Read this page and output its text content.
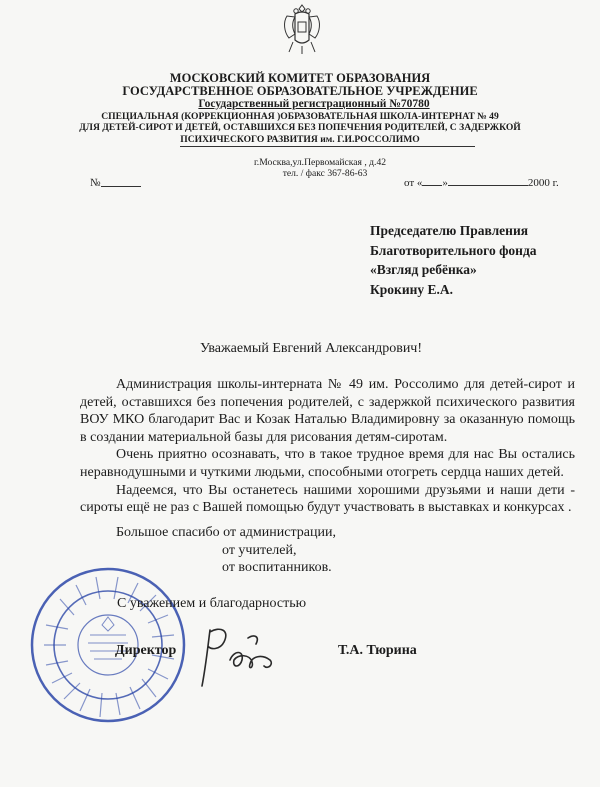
МОСКОВСКИЙ КОМИТЕТ ОБРАЗОВАНИЯ
ГОСУДАРСТВЕННОЕ ОБРАЗОВАТЕЛЬНОЕ УЧРЕЖДЕНИЕ
Государственный регистрационный №70780
СПЕЦИАЛЬНАЯ (КОРРЕКЦИОННАЯ )ОБРАЗОВАТЕЛЬНАЯ ШКОЛА-ИНТЕРНАТ № 49
ДЛЯ ДЕТЕЙ-СИРОТ И ДЕТЕЙ, ОСТАВШИХСЯ БЕЗ ПОПЕЧЕНИЯ РОДИТЕЛЕЙ, С ЗАДЕРЖКОЙ
ПСИХИЧЕСКОГО РАЗВИТИЯ им. Г.И.РОССОЛИМО
г.Москва,ул.Первомайская , д.42
тел. / факс 367-86-63
№	от « »	2000 г.
Председателю Правления
Благотворительного фонда
«Взгляд ребёнка»
Крокину Е.А.
Уважаемый Евгений Александрович!

Администрация школы-интерната № 49 им. Россолимо для детей-сирот и детей, оставшихся без попечения родителей, с задержкой психического развития ВОУ МКО благодарит Вас и Козак Наталью Владимировну за оказанную помощь в создании материальной базы для рисования детям-сиротам.

Очень приятно осознавать, что в такое трудное время для нас Вы остались неравнодушными и чуткими людьми, способными отогреть сердца наших детей.

Надеемся, что Вы останетесь нашими хорошими друзьями и наши дети - сироты ещё не раз с Вашей помощью будут участвовать в выставках и конкурсах .

Большое спасибо от администрации,
от учителей,
от воспитанников.
С уважением и благодарностью
Директор	Т.А. Тюрина
